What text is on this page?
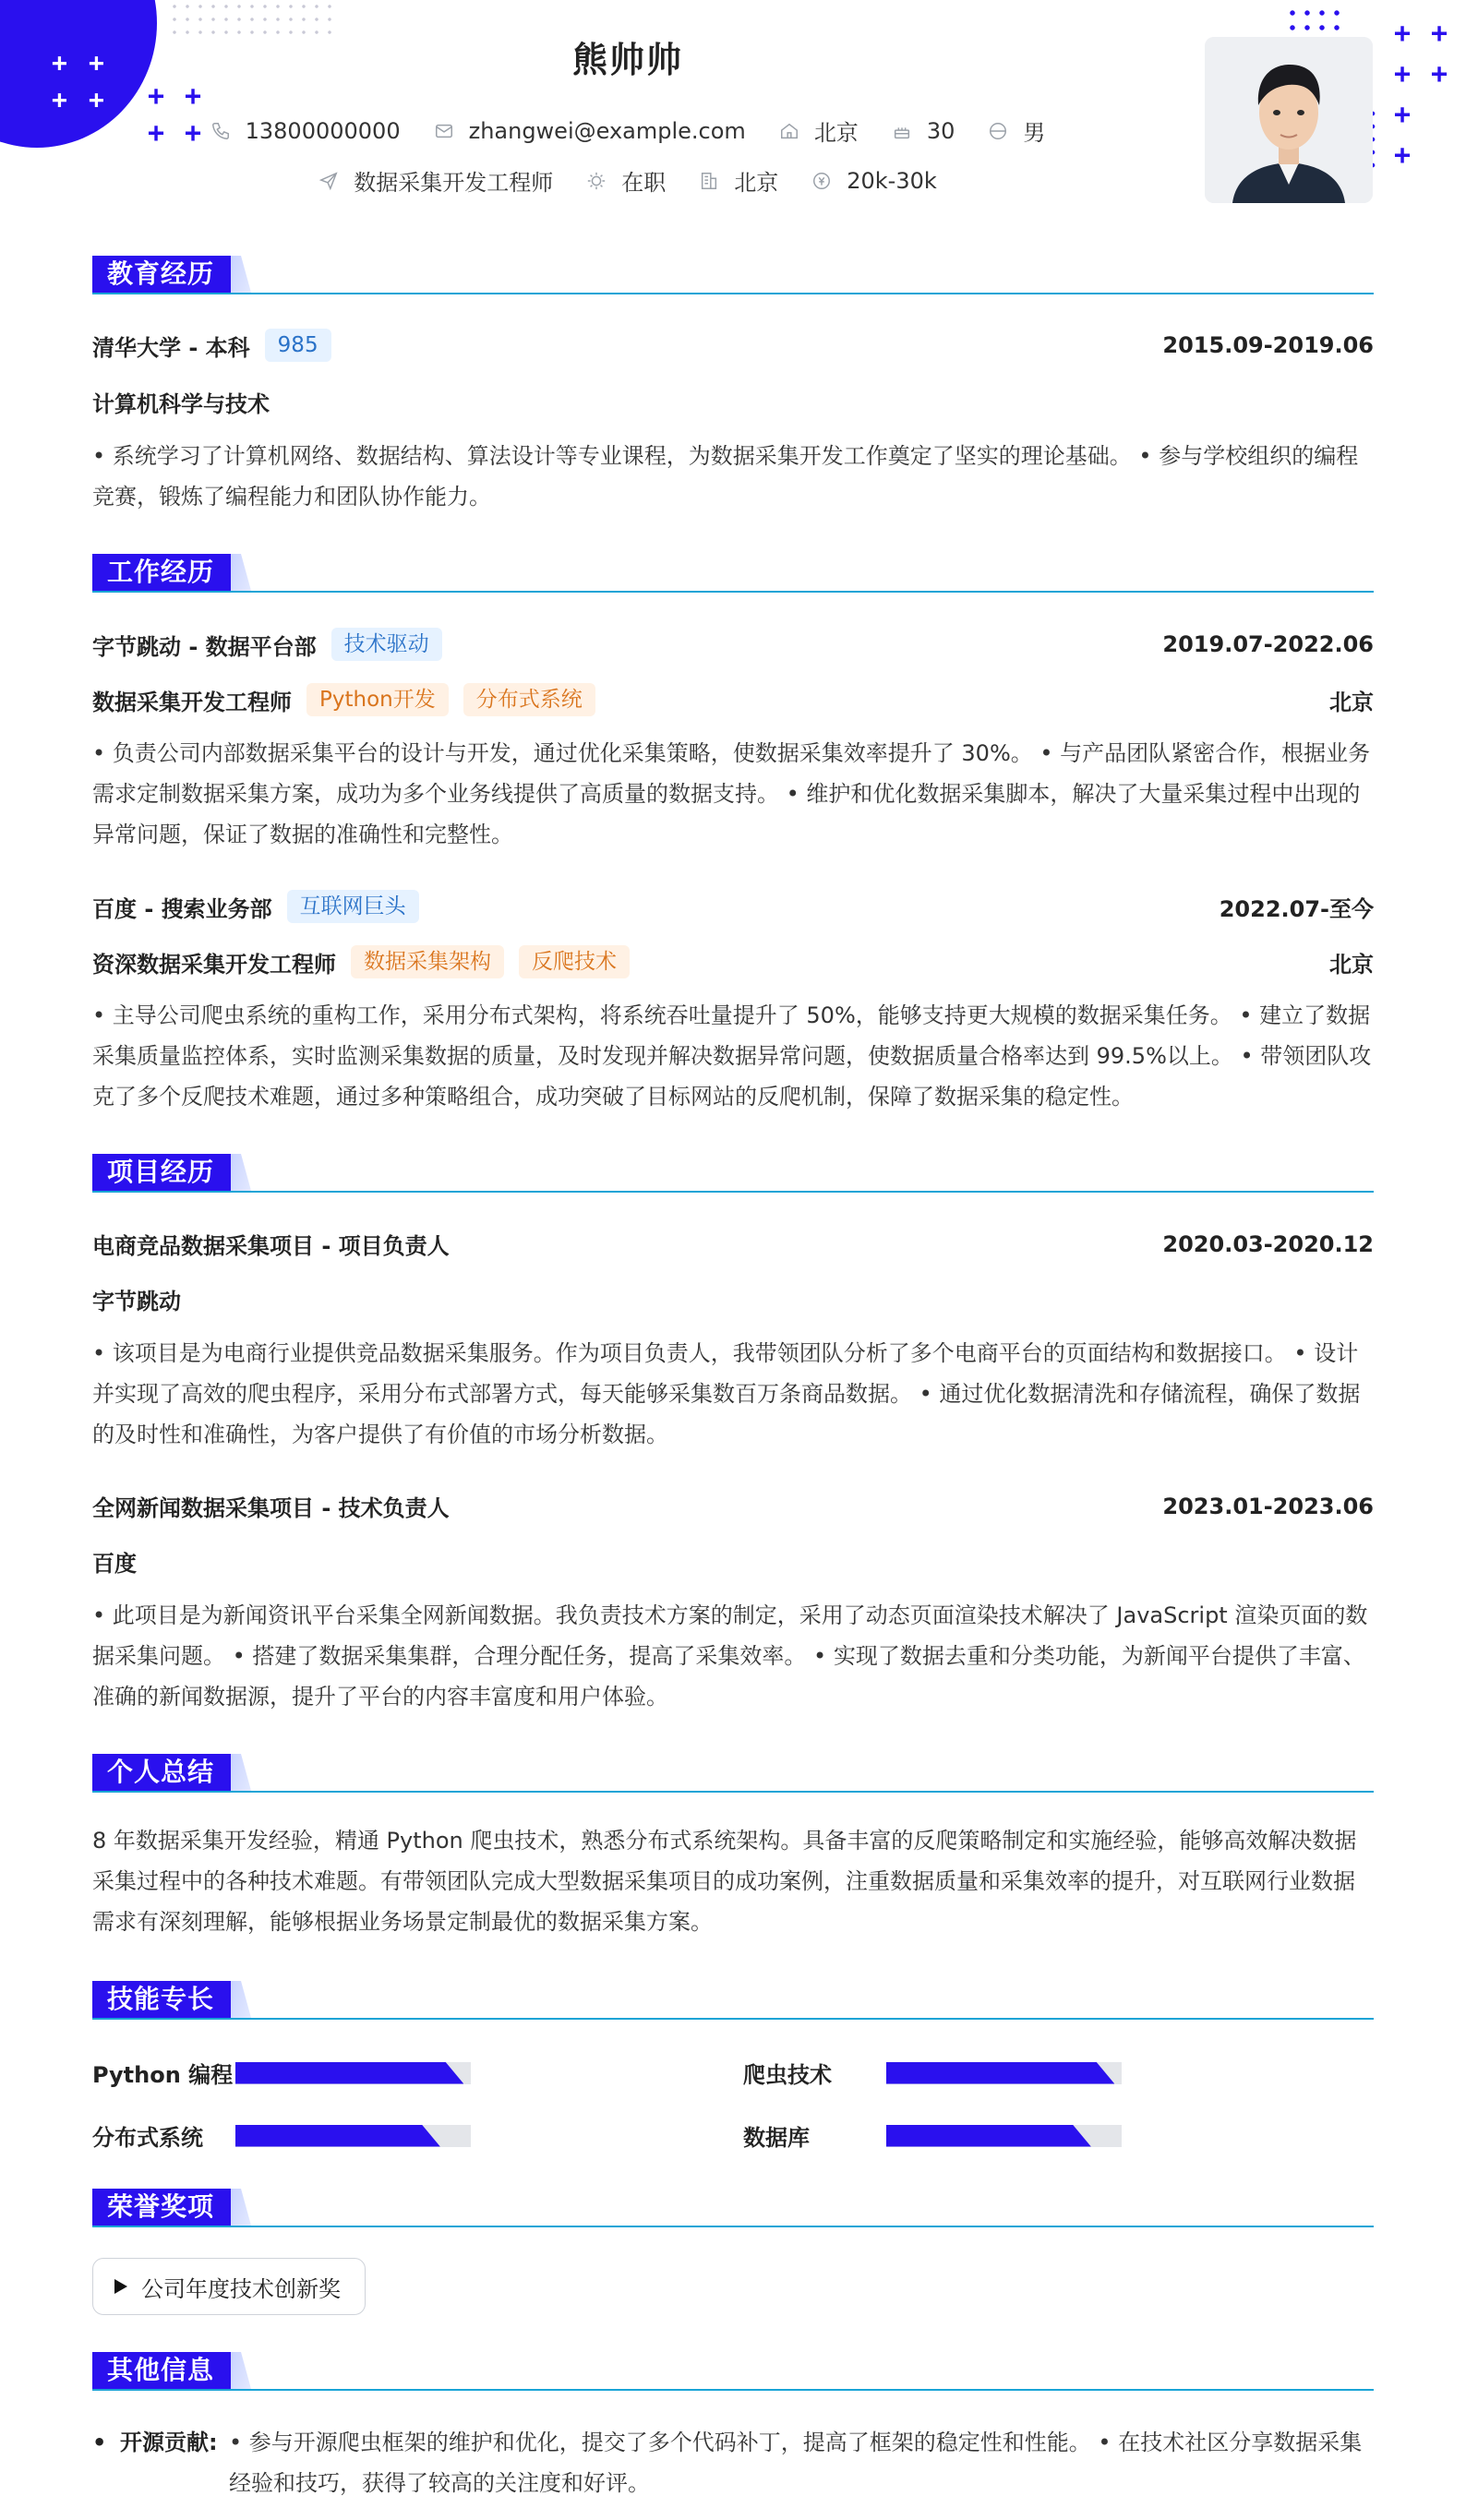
+ +
+ + + +
+ +
+ +
+ +
+
+
熊帅帅
13800000000	zhangwei@example.com	北京	30	男
数据采集开发工程师	在职	北京	20k-30k
教育经历
清华大学 - 本科	985	2015.09-2019.06
计算机科学与技术
• 系统学习了计算机网络、数据结构、算法设计等专业课程，为数据采集开发工作奠定了坚实的理论基础。 • 参与学校组织的编程竞赛，锻炼了编程能力和团队协作能力。
工作经历
字节跳动 - 数据平台部	技术驱动	2019.07-2022.06
数据采集开发工程师	Python开发	分布式系统	北京
• 负责公司内部数据采集平台的设计与开发，通过优化采集策略，使数据采集效率提升了 30%。 • 与产品团队紧密合作，根据业务需求定制数据采集方案，成功为多个业务线提供了高质量的数据支持。 • 维护和优化数据采集脚本，解决了大量采集过程中出现的异常问题，保证了数据的准确性和完整性。
百度 - 搜索业务部	互联网巨头	2022.07-至今
资深数据采集开发工程师	数据采集架构	反爬技术	北京
• 主导公司爬虫系统的重构工作，采用分布式架构，将系统吞吐量提升了 50%，能够支持更大规模的数据采集任务。 • 建立了数据采集质量监控体系，实时监测采集数据的质量，及时发现并解决数据异常问题，使数据质量合格率达到 99.5%以上。 • 带领团队攻克了多个反爬技术难题，通过多种策略组合，成功突破了目标网站的反爬机制，保障了数据采集的稳定性。
项目经历
电商竞品数据采集项目 - 项目负责人	2020.03-2020.12
字节跳动
• 该项目是为电商行业提供竞品数据采集服务。作为项目负责人，我带领团队分析了多个电商平台的页面结构和数据接口。 • 设计并实现了高效的爬虫程序，采用分布式部署方式，每天能够采集数百万条商品数据。 • 通过优化数据清洗和存储流程，确保了数据的及时性和准确性，为客户提供了有价值的市场分析数据。
全网新闻数据采集项目 - 技术负责人	2023.01-2023.06
百度
• 此项目是为新闻资讯平台采集全网新闻数据。我负责技术方案的制定，采用了动态页面渲染技术解决了 JavaScript 渲染页面的数据采集问题。 • 搭建了数据采集集群，合理分配任务，提高了采集效率。 • 实现了数据去重和分类功能，为新闻平台提供了丰富、准确的新闻数据源，提升了平台的内容丰富度和用户体验。
个人总结
8 年数据采集开发经验，精通 Python 爬虫技术，熟悉分布式系统架构。具备丰富的反爬策略制定和实施经验，能够高效解决数据采集过程中的各种技术难题。有带领团队完成大型数据采集项目的成功案例，注重数据质量和采集效率的提升，对互联网行业数据需求有深刻理解，能够根据业务场景定制最优的数据采集方案。
技能专长
Python 编程	爬虫技术
分布式系统	数据库
荣誉奖项
公司年度技术创新奖
其他信息
• 开源贡献: • 参与开源爬虫框架的维护和优化，提交了多个代码补丁，提高了框架的稳定性和性能。 • 在技术社区分享数据采集经验和技巧，获得了较高的关注度和好评。
